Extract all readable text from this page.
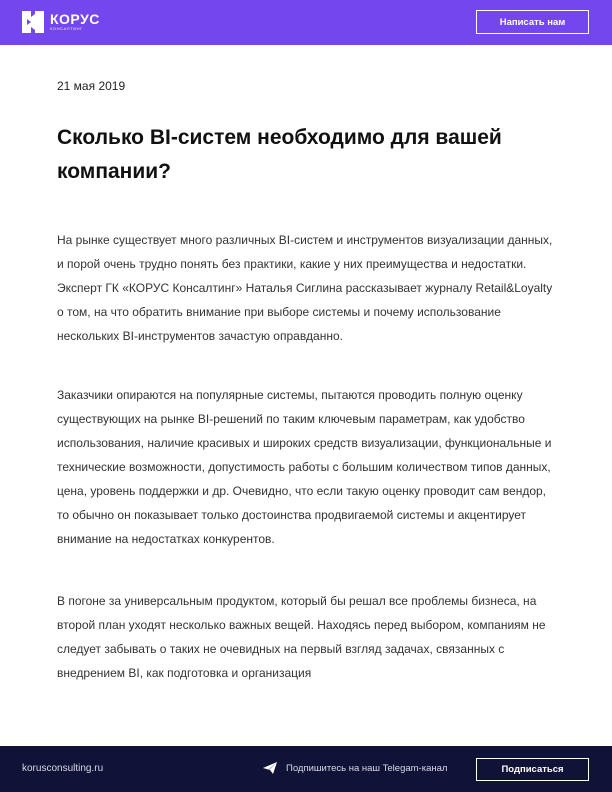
КОРУС
КОНСАЛТИНГ
Написать нам
21 мая 2019
Сколько BI-систем необходимо для вашей компании?

На рынке существует много различных BI-систем и инструментов визуализации данных, и порой очень трудно понять без практики, какие у них преимущества и недостатки. Эксперт ГК «КОРУС Консалтинг» Наталья Сиглина рассказывает журналу Retail&Loyalty о том, на что обратить внимание при выборе системы и почему использование нескольких BI-инструментов зачастую оправданно.

Заказчики опираются на популярные системы, пытаются проводить полную оценку существующих на рынке BI-решений по таким ключевым параметрам, как удобство использования, наличие красивых и широких средств визуализации, функциональные и технические возможности, допустимость работы с большим количеством типов данных, цена, уровень поддержки и др. Очевидно, что если такую оценку проводит сам вендор, то обычно он показывает только достоинства продвигаемой системы и акцентирует внимание на недостатках конкурентов.

В погоне за универсальным продуктом, который бы решал все проблемы бизнеса, на второй план уходят несколько важных вещей. Находясь перед выбором, компаниям не следует забывать о таких не очевидных на первый взгляд задачах, связанных с внедрением BI, как подготовка и организация

korusconsulting.ru	Подпишитесь на наш Telegam-канал	Подписаться
